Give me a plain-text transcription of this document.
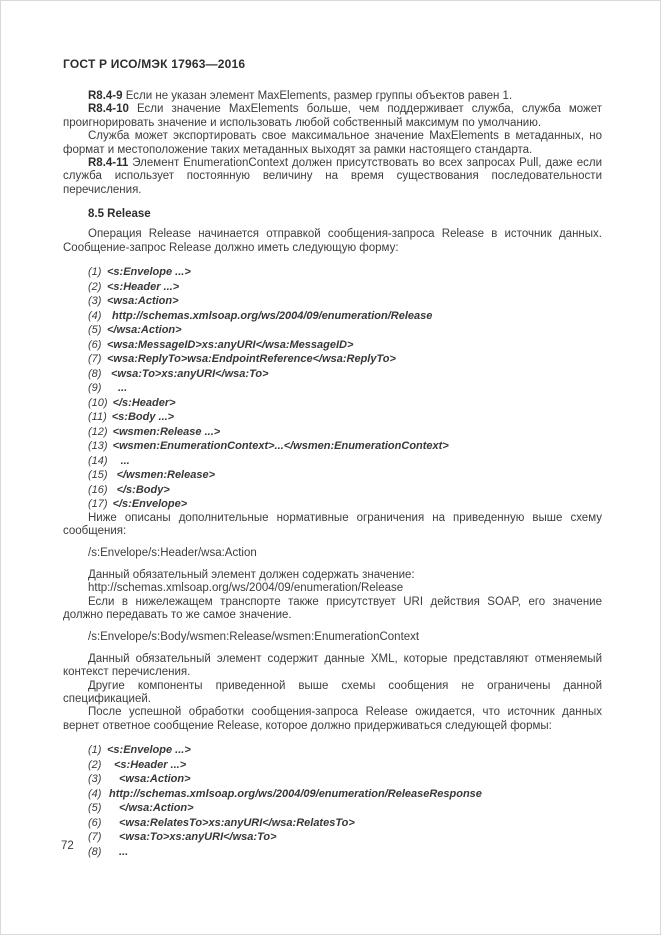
ГОСТ Р ИСО/МЭК 17963—2016

R8.4-9 Если не указан элемент MaxElements, размер группы объектов равен 1.

R8.4-10 Если значение MaxElements больше, чем поддерживает служба, служба может проигнорировать значение и использовать любой собственный максимум по умолчанию.

Служба может экспортировать свое максимальное значение MaxElements в метаданных, но формат и местоположение таких метаданных выходят за рамки настоящего стандарта.

R8.4-11 Элемент EnumerationContext должен присутствовать во всех запросах Pull, даже если служба использует постоянную величину на время существования последовательности перечисления.

8.5 Release

Операция Release начинается отправкой сообщения-запроса Release в источник данных. Сообщение-запрос Release должно иметь следующую форму:

(1) <s:Envelope ...>
(2) <s:Header ...>
(3) <wsa:Action>
(4) http://schemas.xmlsoap.org/ws/2004/09/enumeration/Release
(5) </wsa:Action>
(6) <wsa:MessageID>xs:anyURI</wsa:MessageID>
(7) <wsa:ReplyTo>wsa:EndpointReference</wsa:ReplyTo>
(8) <wsa:To>xs:anyURI</wsa:To>
(9)	...
(10) </s:Header>
(11) <s:Body ...>
(12) <wsmen:Release ...>
(13) <wsmen:EnumerationContext>...</wsmen:EnumerationContext>
(14)	...
(15) </wsmen:Release>
(16) </s:Body>
(17) </s:Envelope>

Ниже описаны дополнительные нормативные ограничения на приведенную выше схему сообщения:

/s:Envelope/s:Header/wsa:Action

Данный обязательный элемент должен содержать значение:

http://schemas.xmlsoap.org/ws/2004/09/enumeration/Release

Если в нижележащем транспорте также присутствует URI действия SOAP, его значение должно передавать то же самое значение.

/s:Envelope/s:Body/wsmen:Release/wsmen:EnumerationContext

Данный обязательный элемент содержит данные XML, которые представляют отменяемый контекст перечисления.

Другие компоненты приведенной выше схемы сообщения не ограничены данной спецификацией.

После успешной обработки сообщения-запроса Release ожидается, что источник данных вернет ответное сообщение Release, которое должно придерживаться следующей формы:

(1) <s:Envelope ...>
(2)	<s:Header ...>
(3)	<wsa:Action>
(4) http://schemas.xmlsoap.org/ws/2004/09/enumeration/ReleaseResponse
(5)	</wsa:Action>
(6)	<wsa:RelatesTo>xs:anyURI</wsa:RelatesTo>
(7)	<wsa:To>xs:anyURI</wsa:To>
(8)	...
72
